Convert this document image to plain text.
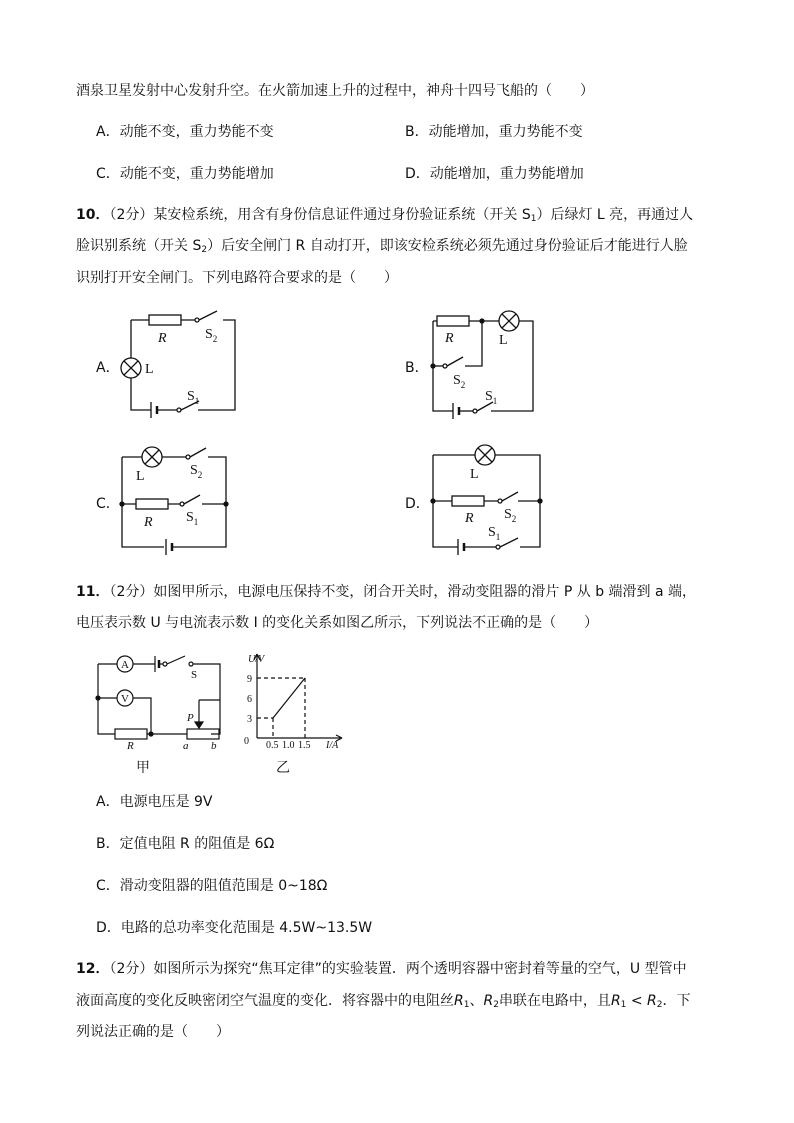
酒泉卫星发射中心发射升空。在火箭加速上升的过程中，神舟十四号飞船的（　　）
A．动能不变，重力势能不变	B．动能增加，重力势能不变
C．动能不变，重力势能增加	D．动能增加，重力势能增加
10．（2分）某安检系统，用含有身份信息证件通过身份验证系统（开关 $S_1$）后绿灯 L 亮，再通过人
脸识别系统（开关 $S_2$）后安全闸门 R 自动打开，即该安检系统必须先通过身份验证后才能进行人脸
识别打开安全闸门。下列电路符合要求的是（　　）
A．	B．
C．	D．
R
L
$S_2$
$S_1$
R	L
$S_2$
$S_1$
L	$S_2$
R $S_1$
L
R $S_2$
$S_1$
11．（2分）如图甲所示，电源电压保持不变，闭合开关时，滑动变阻器的滑片 P 从 b 端滑到 a 端，
电压表示数 U 与电流表示数 I 的变化关系如图乙所示，下列说法不正确的是（　　）
A
V
S
P
R	a b
甲
U/V
I/A
0
3
6
9
0.5 1.0 1.5
乙
A．电源电压是 9V
B．定值电阻 R 的阻值是 6Ω
C．滑动变阻器的阻值范围是 0~18Ω
D．电路的总功率变化范围是 4.5W~13.5W
12．（2分）如图所示为探究“焦耳定律”的实验装置．两个透明容器中密封着等量的空气，U 型管中
液面高度的变化反映密闭空气温度的变化．将容器中的电阻丝$R_1$、$R_2$串联在电路中，且$R_1 < R_2$．下
列说法正确的是（　　）
